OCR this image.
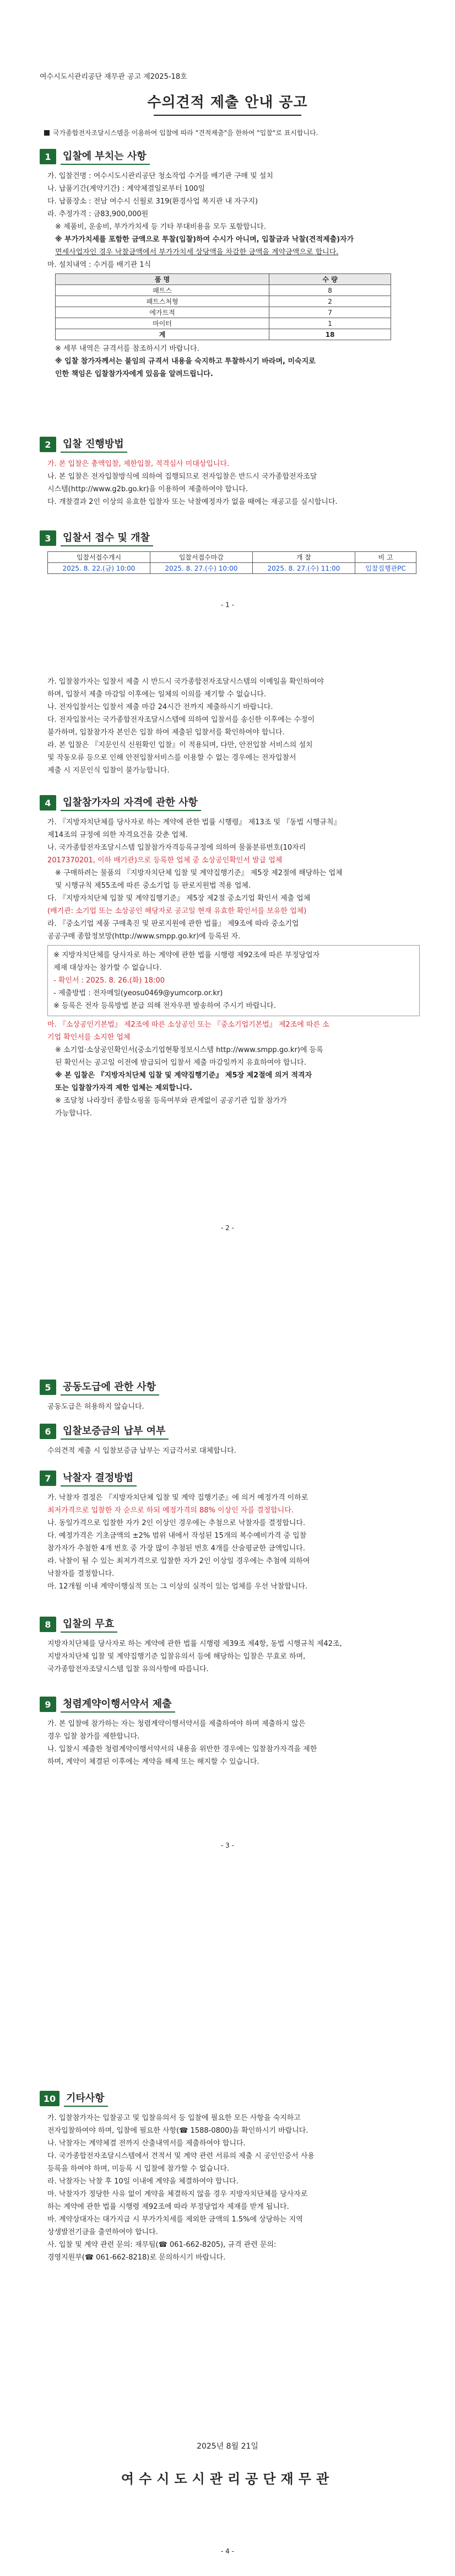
여수시도시관리공단 재무관 공고 제2025-18호
수의견적 제출 안내 공고
국가종합전자조달시스템을 이용하여 입찰에 따라 "견적제출"을 한하여 "입찰"로 표시합니다.
1	입찰에 부치는 사항

가. 입찰건명 : 여수시도시관리공단 청소작업 수거를 배기관 구매 및 설치

나. 납품기간(계약기간) : 계약체결일로부터 100일

다. 납품장소 : 전남 여수시 신월로 319(환경사업 복지관 내 자구지)

라. 추정가격 : 금83,900,000원

※ 제품비, 운송비, 부가가치세 등 기타 부대비용을 모두 포함합니다.

※ 부가가치세를 포함한 금액으로 투찰(입찰)하여 수시가 아니며, 입찰금과 낙찰(견적제출)자가

면세사업자인 경우 낙찰금액에서 부가가치세 상당액을 차감한 금액을 계약금액으로 합니다.

마. 설치내역 : 수거를 배기관 1식

품 명	수 량
패트스	8
패트스처형	2
에가트적	7
마이터	1
계	18

※ 세부 내역은 규격서를 참조하시기 바랍니다.

※ 입찰 참가자께서는 불임의 규격서 내용을 숙지하고 투찰하시기 바라며, 미숙지로

인한 책임은 입찰참가자에게 있음을 알려드립니다.

2	입찰 진행방법

가. 본 입찰은 총액입찰, 제한입찰, 적격심사 미대상입니다.

나. 본 입찰은 전자입찰방식에 의하여 집행되므로 전자입찰은 반드시 국가종합전자조달

시스템(http://www.g2b.go.kr)을 이용하여 제출하여야 합니다.

다. 개찰결과 2인 이상의 유효한 입찰자 또는 낙찰예정자가 없을 때에는 재공고를 실시합니다.

3	입찰서 접수 및 개찰
입찰서접수개시	입찰서접수마감	개 찰	비 고
2025. 8. 22.(금) 10:00	2025. 8. 27.(수) 10:00	2025. 8. 27.(수) 11:00	입찰집행관PC
- 1 -

가. 입찰참가자는 입찰서 제출 시 반드시 국가종합전자조달시스템의 이메일을 확인하여야

하며, 입찰서 제출 마감일 이후에는 일체의 이의를 제기할 수 없습니다.

나. 전자입찰서는 입찰서 제출 마감 24시간 전까지 제출하시기 바랍니다.

다. 전자입찰서는 국가종합전자조달시스템에 의하여 입찰서를 송신한 이후에는 수정이

불가하며, 입찰참가자 본인은 입찰 하여 제출된 입찰서를 확인하여야 합니다.

라. 본 입찰은 『지문인식 신원확인 입찰』이 적용되며, 다만, 안전입찰 서비스의 설치

및 작동오류 등으로 인해 안전입찰서비스를 이용할 수 없는 경우에는 전자입찰서

제출 시 지문인식 입찰이 불가능합니다.

4	입찰참가자의 자격에 관한 사항

가. 『지방자치단체를 당사자로 하는 계약에 관한 법률 시행령』 제13조 및 『동법 시행규칙』

제14조의 규정에 의한 자격요건을 갖춘 업체.

나. 국가종합전자조달시스템 입찰참가자격등록규정에 의하여 물품분류번호(10자리

2017370201, 이하 배기관)으로 등록한 업체 중 소상공인확인서 발급 업체

※ 구매하려는 물품의 『지방자치단체 입찰 및 계약집행기준』 제5장 제2절에 해당하는 업체

및 시행규칙 제55조에 따른 중소기업 등 판로지원법 적용 업체.

다. 『지방자치단체 입찰 및 계약집행기준』 제5장 제2절 중소기업 확인서 제출 업체

(배기관: 소기업 또는 소상공인 해당자로 공고일 현재 유효한 확인서를 보유한 업체)

라. 『중소기업 제품 구매촉진 및 판로지원에 관한 법률』 제9조에 따라 중소기업

공공구매 종합정보망(http://www.smpp.go.kr)에 등록된 자.

※ 지방자치단체를 당사자로 하는 계약에 관한 법률 시행령 제92조에 따른 부정당업자

제재 대상자는 참가할 수 없습니다.

- 확인서 : 2025. 8. 26.(화) 18:00

- 제출방법 : 전자메일(yeosu0469@yumcorp.or.kr)

※ 등록은 전자 등록방법 분급 의해 전자우편 발송하여 주시기 바랍니다.

마. 『소상공인기본법』 제2조에 따른 소상공인 또는 『중소기업기본법』 제2조에 따른 소

기업 확인서를 소지한 업체

※ 소기업·소상공인확인서(중소기업현황정보시스템 http://www.smpp.go.kr)에 등록

된 확인서는 공고일 이전에 발급되어 입찰서 제출 마감일까지 유효하여야 합니다.

※ 본 입찰은 『지방자치단체 입찰 및 계약집행기준』 제5장 제2절에 의거 적격자

또는 입찰참가자격 제한 업체는 제외합니다.

※ 조달청 나라장터 종합쇼핑몰 등록여부와 관계없이 공공기관 입찰 참가가

가능합니다.

- 2 -
5	공동도급에 관한 사항

공동도급은 허용하지 않습니다.

6	입찰보증금의 납부 여부

수의견적 제출 시 입찰보증금 납부는 지급각서로 대체합니다.

7	낙찰자 결정방법

가. 낙찰자 결정은 『지방자치단체 입찰 및 계약 집행기준』에 의거 예정가격 이하로

최저가격으로 입찰한 자 순으로 하되 예정가격의 88% 이상인 자를 결정합니다.

나. 동일가격으로 입찰한 자가 2인 이상인 경우에는 추첨으로 낙찰자를 결정합니다.

다. 예정가격은 기초금액의 ±2% 범위 내에서 작성된 15개의 복수예비가격 중 입찰

참가자가 추첨한 4개 번호 중 가장 많이 추첨된 번호 4개를 산술평균한 금액입니다.

라. 낙찰이 될 수 있는 최저가격으로 입찰한 자가 2인 이상일 경우에는 추첨에 의하여

낙찰자를 결정합니다.

마. 12개월 이내 계약이행실적 또는 그 이상의 실적이 있는 업체를 우선 낙찰합니다.

8	입찰의 무효

지방자치단체를 당사자로 하는 계약에 관한 법률 시행령 제39조 제4항, 동법 시행규칙 제42조,

지방자치단체 입찰 및 계약집행기준 입찰유의서 등에 해당하는 입찰은 무효로 하며,

국가종합전자조달시스템 입찰 유의사항에 따릅니다.

9	청렴계약이행서약서 제출

가. 본 입찰에 참가하는 자는 청렴계약이행서약서를 제출하여야 하며 제출하지 않은

경우 입찰 참가를 제한합니다.

나. 입찰시 제출한 청렴계약이행서약서의 내용을 위반한 경우에는 입찰참가자격을 제한

하며, 계약이 체결된 이후에는 계약을 해제 또는 해지할 수 있습니다.

- 3 -
10	기타사항

가. 입찰참가자는 입찰공고 및 입찰유의서 등 입찰에 필요한 모든 사항을 숙지하고

전자입찰하여야 하며, 입찰에 필요한 사항(☎ 1588-0800)을 확인하시기 바랍니다.

나. 낙찰자는 계약체결 전까지 산출내역서를 제출하여야 합니다.

다. 국가종합전자조달시스템에서 견적서 및 계약 관련 서류의 제출 시 공인인증서 사용

등록을 하여야 하며, 미등록 시 입찰에 참가할 수 없습니다.

라. 낙찰자는 낙찰 후 10일 이내에 계약을 체결하여야 합니다.

마. 낙찰자가 정당한 사유 없이 계약을 체결하지 않을 경우 지방자치단체를 당사자로

하는 계약에 관한 법률 시행령 제92조에 따라 부정당업자 제재를 받게 됩니다.

바. 계약상대자는 대가지급 시 부가가치세를 제외한 금액의 1.5%에 상당하는 지역

상생발전기금을 출연하여야 합니다.

사. 입찰 및 계약 관련 문의: 재무팀(☎ 061-662-8205), 규격 관련 문의:

경영지원부(☎ 061-662-8218)로 문의하시기 바랍니다.

2025년 8월 21일
여수시도시관리공단재무관
- 4 -
